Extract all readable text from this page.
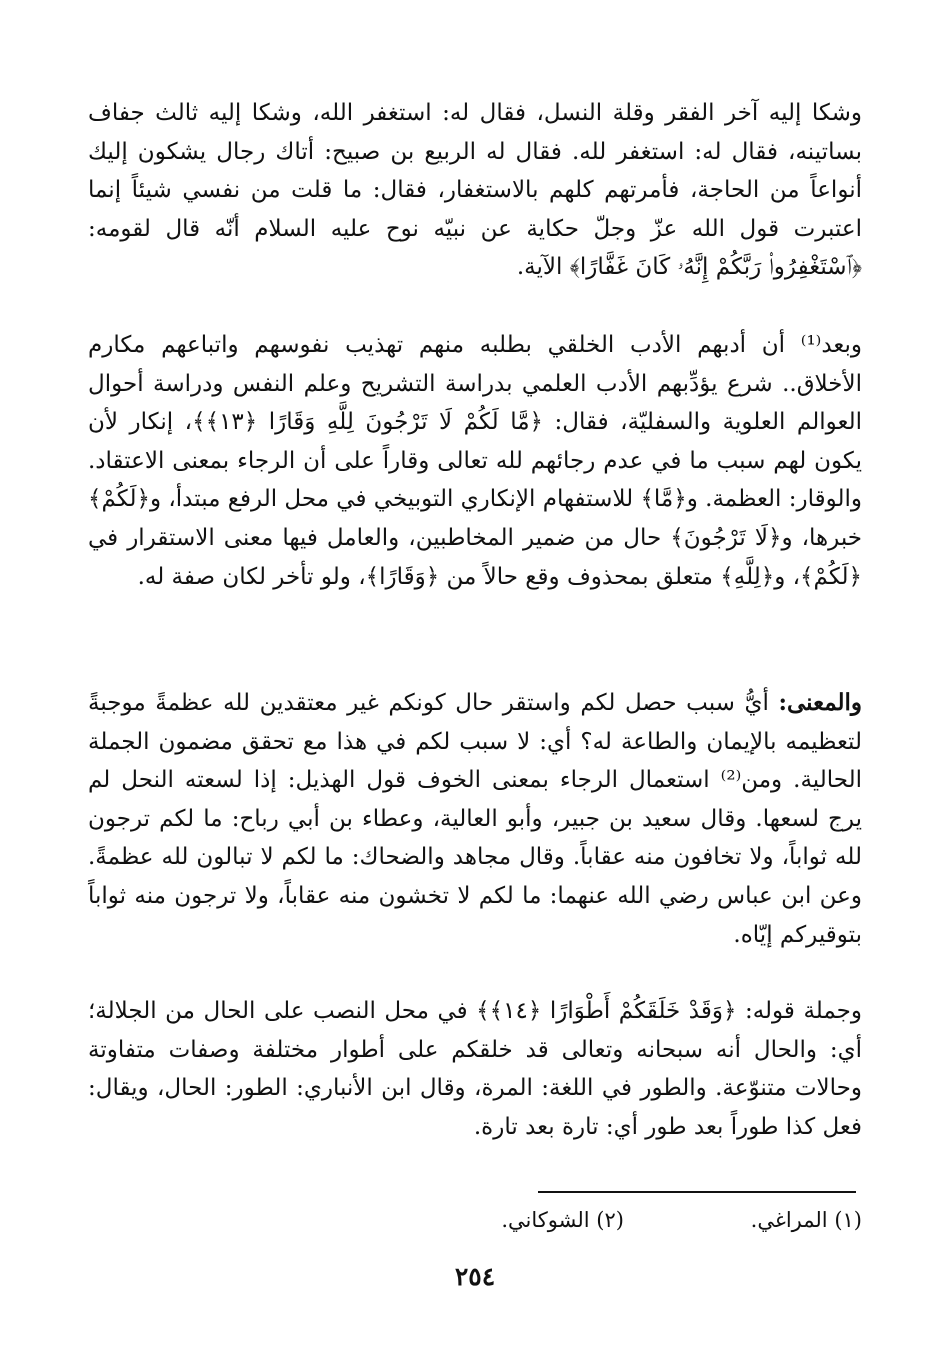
وشكا إليه آخر الفقر وقلة النسل، فقال له: استغفر الله، وشكا إليه ثالث جفاف بساتينه، فقال له: استغفر لله. فقال له الربيع بن صبيح: أتاك رجال يشكون إليك أنواعاً من الحاجة، فأمرتهم كلهم بالاستغفار، فقال: ما قلت من نفسي شيئاً إنما اعتبرت قول الله عزّ وجلّ حكاية عن نبيّه نوح عليه السلام أنّه قال لقومه: ﴿ٱسْتَغْفِرُوا۟ رَبَّكُمْ إِنَّهُۥ كَانَ غَفَّارًا﴾ الآية.

وبعد⁽¹⁾ أن أدبهم الأدب الخلقي بطلبه منهم تهذيب نفوسهم واتباعهم مكارم الأخلاق.. شرع يؤدِّبهم الأدب العلمي بدراسة التشريح وعلم النفس ودراسة أحوال العوالم العلوية والسفليّة، فقال: ﴿مَّا لَكُمْ لَا تَرْجُونَ لِلَّهِ وَقَارًا ﴿١٣﴾﴾، إنكار لأن يكون لهم سبب ما في عدم رجائهم لله تعالى وقاراً على أن الرجاء بمعنى الاعتقاد. والوقار: العظمة. و﴿مَّا﴾ للاستفهام الإنكاري التوبيخي في محل الرفع مبتدأ، و﴿لَكُمْ﴾ خبرها، و﴿لَا تَرْجُونَ﴾ حال من ضمير المخاطبين، والعامل فيها معنى الاستقرار في ﴿لَكُمْ﴾، و﴿لِلَّهِ﴾ متعلق بمحذوف وقع حالاً من ﴿وَقَارًا﴾، ولو تأخر لكان صفة له.

والمعنى: أيُّ سبب حصل لكم واستقر حال كونكم غير معتقدين لله عظمةً موجبةً لتعظيمه بالإيمان والطاعة له؟ أي: لا سبب لكم في هذا مع تحقق مضمون الجملة الحالية. ومن⁽²⁾ استعمال الرجاء بمعنى الخوف قول الهذيل: إذا لسعته النحل لم يرج لسعها. وقال سعيد بن جبير، وأبو العالية، وعطاء بن أبي رباح: ما لكم ترجون لله ثواباً، ولا تخافون منه عقاباً. وقال مجاهد والضحاك: ما لكم لا تبالون لله عظمةً. وعن ابن عباس رضي الله عنهما: ما لكم لا تخشون منه عقاباً، ولا ترجون منه ثواباً بتوقيركم إيّاه.

وجملة قوله: ﴿وَقَدْ خَلَقَكُمْ أَطْوَارًا ﴿١٤﴾﴾ في محل النصب على الحال من الجلالة؛ أي: والحال أنه سبحانه وتعالى قد خلقكم على أطوار مختلفة وصفات متفاوتة وحالات متنوّعة. والطور في اللغة: المرة، وقال ابن الأنباري: الطور: الحال، ويقال: فعل كذا طوراً بعد طور أي: تارة بعد تارة.

(١) المراغي. (٢) الشوكاني.
٢٥٤
